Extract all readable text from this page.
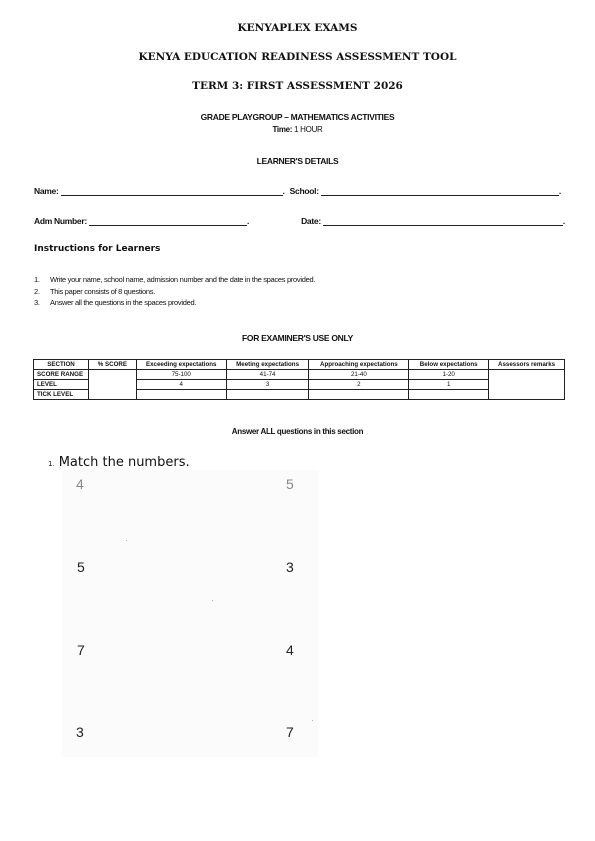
KENYAPLEX EXAMS
KENYA EDUCATION READINESS ASSESSMENT TOOL
TERM 3: FIRST ASSESSMENT 2026
GRADE PLAYGROUP – MATHEMATICS ACTIVITIES
Time: 1 HOUR
LEARNER'S DETAILS
Name:	. School:	.
Adm Number:	.	Date:	.
Instructions for Learners
1. Write your name, school name, admission number and the date in the spaces provided.
2. This paper consists of 8 questions.
3. Answer all the questions in the spaces provided.
FOR EXAMINER'S USE ONLY
SECTION	% SCORE	Exceeding expectations	Meeting expectations	Approaching expectations	Below expectations	Assessors remarks
SCORE RANGE		75-100	41-74	21-40	1-20	
LEVEL		4	3	2	1	
TICK LEVEL						
Answer ALL questions in this section
1. Match the numbers.
4	5
5	3
7	4
3	7
